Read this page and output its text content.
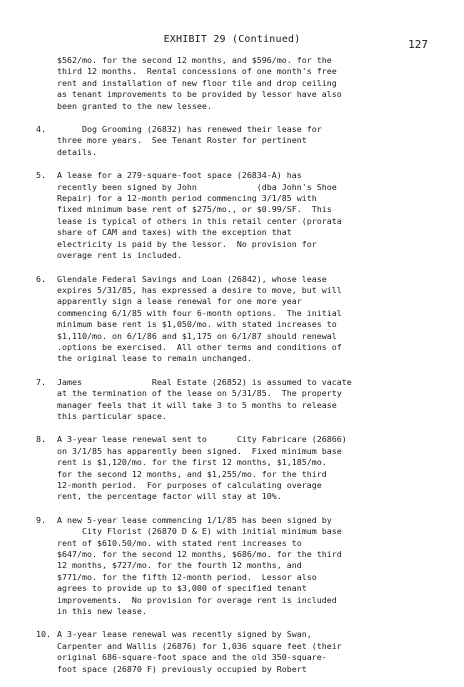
EXHIBIT 29 (Continued)	127
$562/mo. for the second 12 months, and $596/mo. for the
third 12 months.  Rental concessions of one month's free
rent and installation of new floor tile and drop ceiling
as tenant improvements to be provided by lessor have also
been granted to the new lessee.
4.	Dog Grooming (26832) has renewed their lease for
three more years.  See Tenant Roster for pertinent
details.
5.	A lease for a 279-square-foot space (26834-A) has
recently been signed by John            (dba John's Shoe
Repair) for a 12-month period commencing 3/1/85 with
fixed minimum base rent of $275/mo., or $0.99/SF.  This
lease is typical of others in this retail center (prorata
share of CAM and taxes) with the exception that
electricity is paid by the lessor.  No provision for
overage rent is included.
6.	Glendale Federal Savings and Loan (26842), whose lease
expires 5/31/85, has expressed a desire to move, but will
apparently sign a lease renewal for one more year
commencing 6/1/85 with four 6-month options.  The initial
minimum base rent is $1,050/mo. with stated increases to
$1,110/mo. on 6/1/86 and $1,175 on 6/1/87 should renewal
.options be exercised.  All other terms and conditions of
the original lease to remain unchanged.
7.	James              Real Estate (26852) is assumed to vacate
at the termination of the lease on 5/31/85.  The property
manager feels that it will take 3 to 5 months to release
this particular space.
8.	A 3-year lease renewal sent to      City Fabricare (26866)
on 3/1/85 has apparently been signed.  Fixed minimum base
rent is $1,120/mo. for the first 12 months, $1,185/mo.
for the second 12 months, and $1,255/mo. for the third
12-month period.  For purposes of calculating overage
rent, the percentage factor will stay at 10%.
9.	A new 5-year lease commencing 1/1/85 has been signed by
City Florist (26870 D & E) with initial minimum base
rent of $610.50/mo. with stated rent increases to
$647/mo. for the second 12 months, $686/mo. for the third
12 months, $727/mo. for the fourth 12 months, and
$771/mo. for the fifth 12-month period.  Lessor also
agrees to provide up to $3,000 of specified tenant
improvements.  No provision for overage rent is included
in this new lease.
10. A 3-year lease renewal was recently signed by Swan,
Carpenter and Wallis (26876) for 1,036 square feet (their
original 686-square-foot space and the old 350-square-
foot space (26870 F) previously occupied by Robert
